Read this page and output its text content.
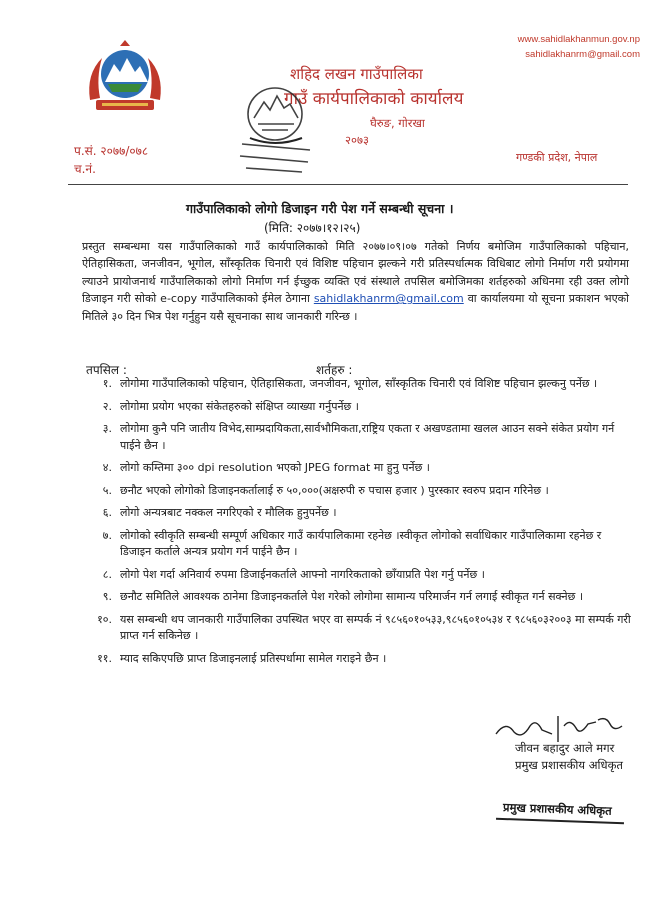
www.sahidlakhanmun.gov.np
sahidlakhanrm@gmail.com
शहिद लखन गाउँपालिका
गाउँ कार्यपालिकाको कार्यालय
घैरुङ, गोरखा
२०७३
प.सं. २०७७/०७८
च.नं.
गण्डकी प्रदेश, नेपाल
गाउँपालिकाको लोगो डिजाइन गरी पेश गर्ने सम्बन्धी सूचना ।
(मिति: २०७७।१२।२५)
प्रस्तुत सम्बन्धमा यस गाउँपालिकाको गाउँ कार्यपालिकाको मिति २०७७।०९।०७ गतेको निर्णय बमोजिम गाउँपालिकाको पहिचान, ऐतिहासिकता, जनजीवन, भूगोल, साँस्कृतिक चिनारी एवं विशिष्ट पहिचान झल्कने गरी प्रतिस्पर्धात्मक विधिबाट लोगो निर्माण गरी प्रयोगमा ल्याउने प्रायोजनार्थ गाउँपालिकाको लोगो निर्माण गर्न ईच्छुक व्यक्ति एवं संस्थाले तपसिल बमोजिमका शर्तहरुको अधिनमा रही उक्त लोगो डिजाइन गरी सोको e-copy गाउँपालिकाको ईमेल ठेगाना sahidlakhanrm@gmail.com वा कार्यालयमा यो सूचना प्रकाशन भएको मितिले ३० दिन भित्र पेश गर्नुहुन यसै सूचनाका साथ जानकारी गरिन्छ ।
तपसिल :	शर्तहरु :
१. लोगोमा गाउँपालिकाको पहिचान, ऐतिहासिकता, जनजीवन, भूगोल, साँस्कृतिक चिनारी एवं विशिष्ट पहिचान झल्कनु पर्नेछ ।
२. लोगोमा प्रयोग भएका संकेतहरुको संक्षिप्त व्याख्या गर्नुपर्नेछ ।
३. लोगोमा कुनै पनि जातीय विभेद,साम्प्रदायिकता,सार्वभौमिकता,राष्ट्रिय एकता र अखण्डतामा खलल आउन सक्ने संकेत प्रयोग गर्न पाईने छैन ।
४. लोगो कम्तिमा ३०० dpi resolution भएको JPEG format मा हुनु पर्नेछ ।
५. छनौट भएको लोगोको डिजाइनकर्तालाई रु ५०,०००(अक्षरुपी रु पचास हजार ) पुरस्कार स्वरुप प्रदान गरिनेछ ।
६. लोगो अन्यत्रबाट नक्कल नगरिएको र मौलिक हुनुपर्नेछ ।
७. लोगोको स्वीकृति सम्बन्धी सम्पूर्ण अधिकार गाउँ कार्यपालिकामा रहनेछ ।स्वीकृत लोगोको सर्वाधिकार गाउँपालिकामा रहनेछ र डिजाइन कर्ताले अन्यत्र प्रयोग गर्न पाईने छैन ।
८. लोगो पेश गर्दा अनिवार्य रुपमा डिजाईनकर्ताले आफ्नो नागरिकताको छाँयाप्रति पेश गर्नु पर्नेछ ।
९. छनौट समितिले आवश्यक ठानेमा डिजाइनकर्ताले पेश गरेको लोगोमा सामान्य परिमार्जन गर्न लगाई स्वीकृत गर्न सक्नेछ ।
१०. यस सम्बन्धी थप जानकारी गाउँपालिका उपस्थित भएर वा सम्पर्क नं ९८५६०१०५३३,९८५६०१०५३४ र ९८५६०३२००३ मा सम्पर्क गरी प्राप्त गर्न सकिनेछ ।
११. म्याद सकिएपछि प्राप्त डिजाइनलाई प्रतिस्पर्धामा सामेल गराइने छैन ।
जीवन बहादुर आले मगर
प्रमुख प्रशासकीय अधिकृत
प्रमुख प्रशासकीय अधिकृत
